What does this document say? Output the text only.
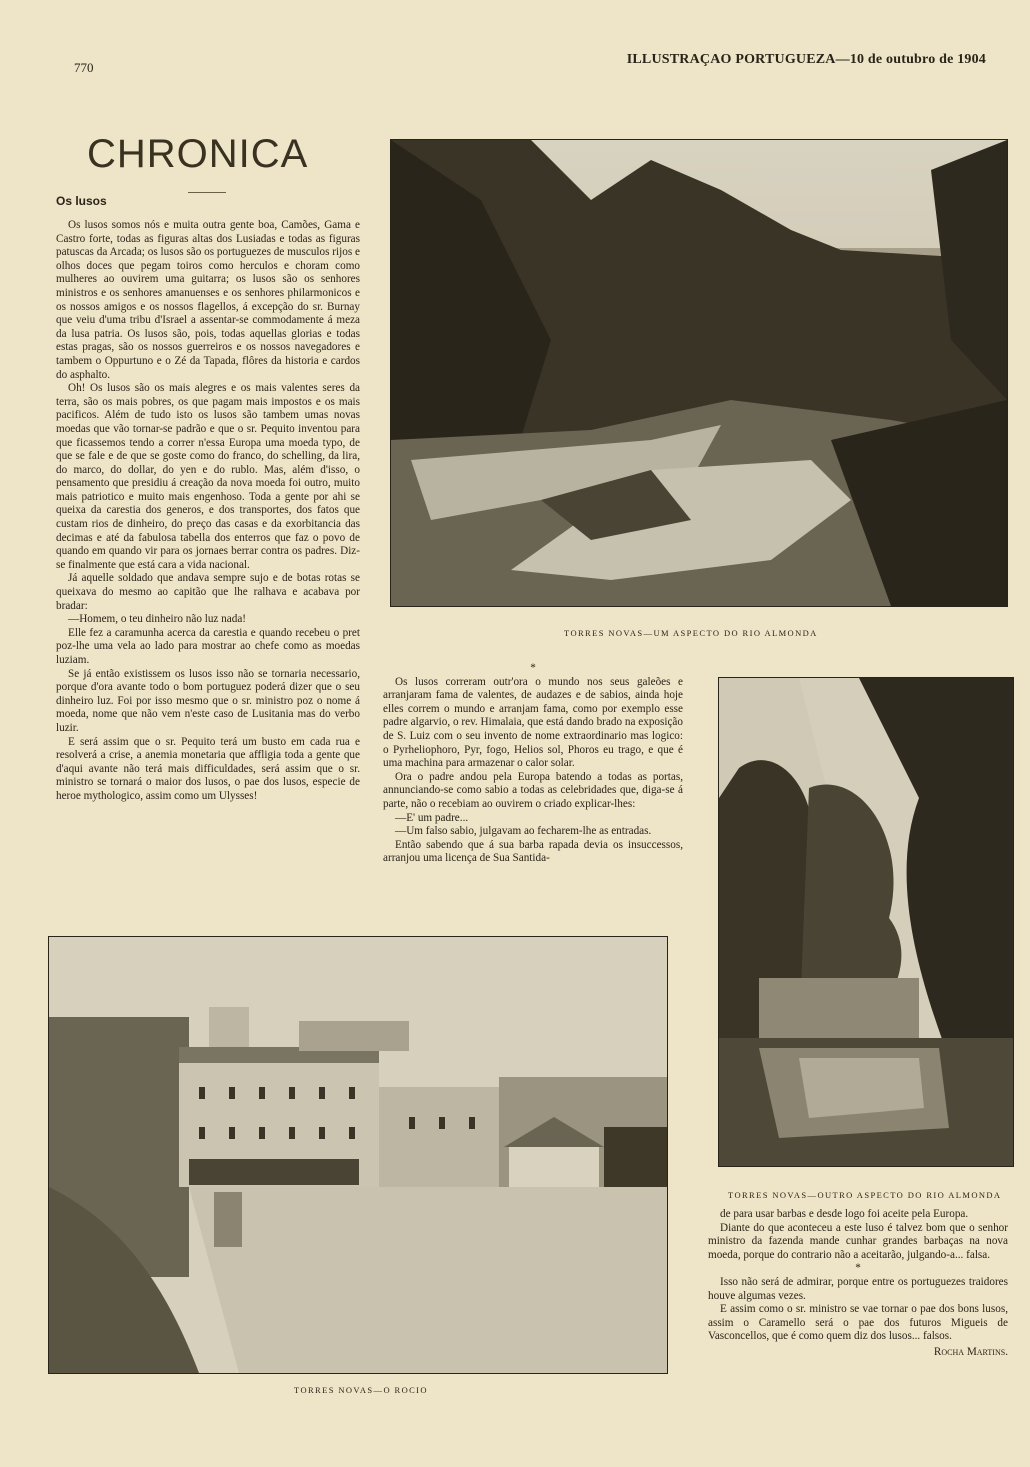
770
ILLUSTRAÇAO PORTUGUEZA—10 de outubro de 1904
CHRONICA
Os lusos

Os lusos somos nós e muita outra gente boa, Camões, Gama e Castro forte, todas as figuras altas dos Lusiadas e todas as figuras patuscas da Arcada; os lusos são os portuguezes de musculos rijos e olhos doces que pegam toiros como herculos e choram como mulheres ao ouvirem uma guitarra; os lusos são os senhores ministros e os senhores amanuenses e os senhores philarmonicos e os nossos amigos e os nossos flagellos, á excepção do sr. Burnay que veiu d'uma tribu d'Israel a assentar-se commodamente á meza da lusa patria. Os lusos são, pois, todas aquellas glorias e todas estas pragas, são os nossos guerreiros e os nossos navegadores e tambem o Oppurtuno e o Zé da Tapada, flôres da historia e cardos do asphalto.

Oh! Os lusos são os mais alegres e os mais valentes seres da terra, são os mais pobres, os que pagam mais impostos e os mais pacificos. Além de tudo isto os lusos são tambem umas novas moedas que vão tornar-se padrão e que o sr. Pequito inventou para que ficassemos tendo a correr n'essa Europa uma moeda typo, de que se fale e de que se goste como do franco, do schelling, da lira, do marco, do dollar, do yen e do rublo. Mas, além d'isso, o pensamento que presidiu á creação da nova moeda foi outro, muito mais patriotico e muito mais engenhoso. Toda a gente por ahi se queixa da carestia dos generos, e dos transportes, dos fatos que custam rios de dinheiro, do preço das casas e da exorbitancia das decimas e até da fabulosa tabella dos enterros que faz o povo de quando em quando vir para os jornaes berrar contra os padres. Diz-se finalmente que está cara a vida nacional.

Já aquelle soldado que andava sempre sujo e de botas rotas se queixava do mesmo ao capitão que lhe ralhava e acabava por bradar:

—Homem, o teu dinheiro não luz nada!

Elle fez a caramunha acerca da carestia e quando recebeu o pret poz-lhe uma vela ao lado para mostrar ao chefe como as moedas luziam.

Se já então existissem os lusos isso não se tornaria necessario, porque d'ora avante todo o bom portuguez poderá dizer que o seu dinheiro luz. Foi por isso mesmo que o sr. ministro poz o nome á moeda, nome que não vem n'este caso de Lusitania mas do verbo luzir.

E será assim que o sr. Pequito terá um busto em cada rua e resolverá a crise, a anemia monetaria que affligia toda a gente que d'aqui avante não terá mais difficuldades, será assim que o sr. ministro se tornará o maior dos lusos, o pae dos lusos, especie de heroe mythologico, assim como um Ulysses!

*

Os lusos correram outr'ora o mundo nos seus galeões e arranjaram fama de valentes, de audazes e de sabios, ainda hoje elles correm o mundo e arranjam fama, como por exemplo esse padre algarvio, o rev. Himalaia, que está dando brado na exposição de S. Luiz com o seu invento de nome extraordinario mas logico: o Pyrheliophoro, Pyr, fogo, Helios sol, Phoros eu trago, e que é uma machina para armazenar o calor solar.

Ora o padre andou pela Europa batendo a todas as portas, annunciando-se como sabio a todas as celebridades que, diga-se á parte, não o recebiam ao ouvirem o criado explicar-lhes:

—E' um padre...

—Um falso sabio, julgavam ao fecharem-lhe as entradas.

Então sabendo que á sua barba rapada devia os insuccessos, arranjou uma licença de Sua Santida-

de para usar barbas e desde logo foi aceite pela Europa.

Diante do que aconteceu a este luso é talvez bom que o senhor ministro da fazenda mande cunhar grandes barbaças na nova moeda, porque do contrario não a aceitarão, julgando-a... falsa.

*

Isso não será de admirar, porque entre os portuguezes traidores houve algumas vezes.

E assim como o sr. ministro se vae tornar o pae dos bons lusos, assim o Caramello será o pae dos futuros Migueis de Vasconcellos, que é como quem diz dos lusos... falsos.

Rocha Martins.

TORRES NOVAS—UM ASPECTO DO RIO ALMONDA
TORRES NOVAS—OUTRO ASPECTO DO RIO ALMONDA
TORRES NOVAS—O ROCIO
